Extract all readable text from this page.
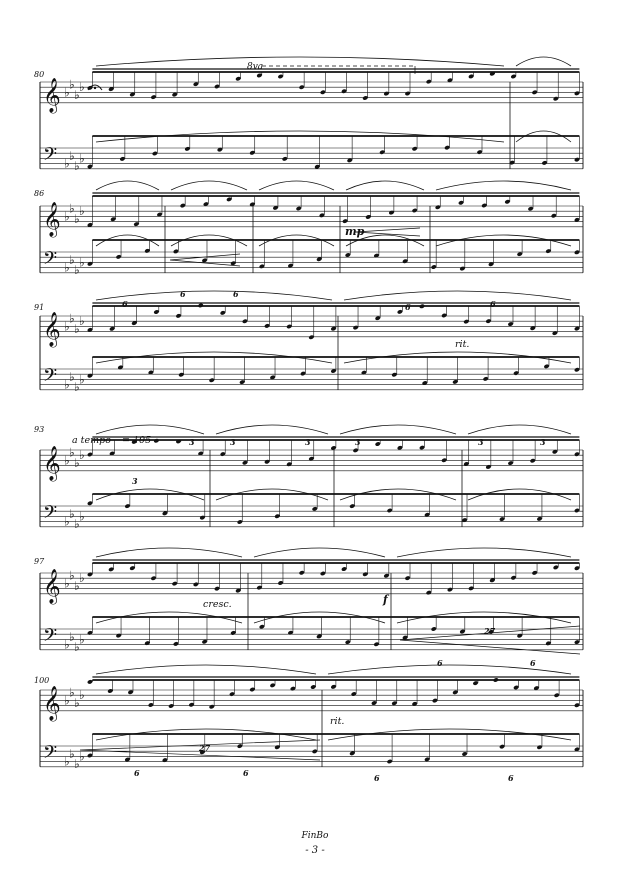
𝄞 ♭
♭
♭
♭
𝄢 ♭
♭
♭
♭
𝄞 ♭
♭
♭
♭
𝄢 ♭
♭
♭
♭
𝄞 ♭
♭
♭
♭
𝄢 ♭
♭
♭
♭
𝄞 ♭
♭
♭
♭
𝄢 ♭
♭
♭
♭
𝄞 ♭
♭
♭
♭
𝄢 ♭
♭
♭
♭
𝄞 ♭
♭
♭
♭
𝄢 ♭
♭
♭
♭
80
86
91
93
97
100
8va
a tempo = 105
mp
f
cresc.
rit.
rit.
6
6	6
6	6
3
3	3	3	3	3	3
6	6
6	6
27
27
6	6
FinBo
- 3 -
